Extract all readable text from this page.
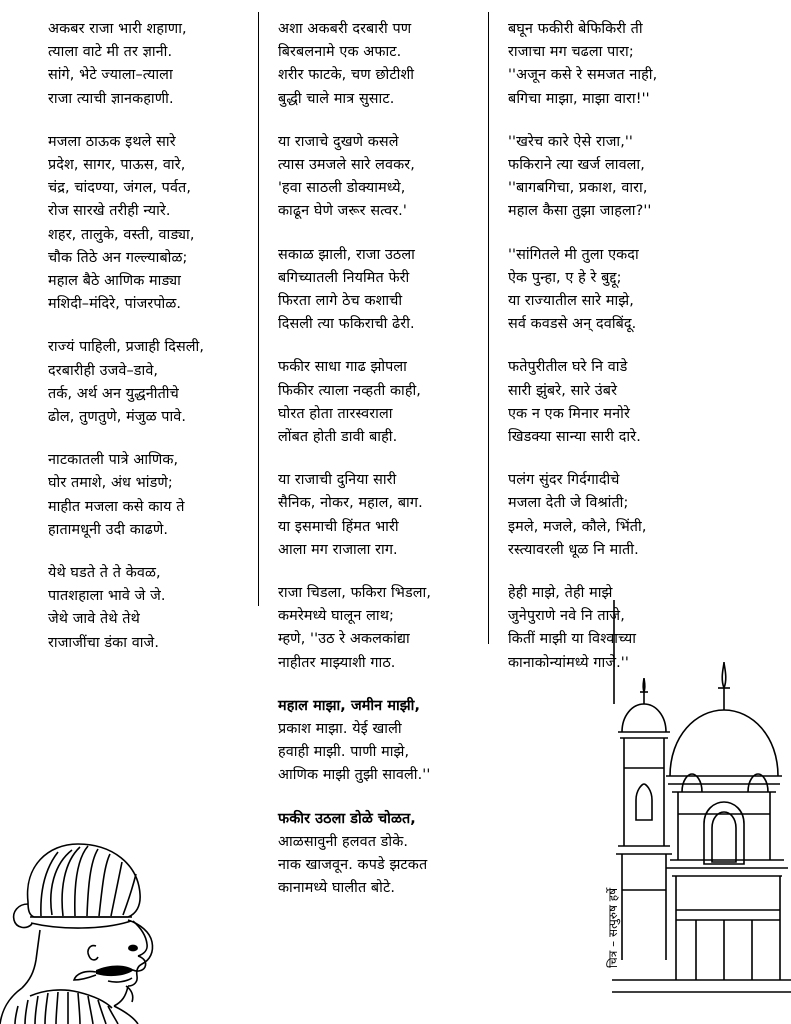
अकबर राजा भारी शहाणा,
त्याला वाटे मी तर ज्ञानी.
सांगे, भेटे ज्याला–त्याला
राजा त्याची ज्ञानकहाणी.
मजला ठाऊक इथले सारे
प्रदेश, सागर, पाऊस, वारे,
चंद्र, चांदण्या, जंगल, पर्वत,
रोज सारखे तरीही न्यारे.
शहर, तालुके, वस्ती, वाड्या,
चौक तिठे अन गल्ल्याबोळ;
महाल बैठे आणिक माड्या
मशिदी–मंदिरे, पांजरपोळ.
राज्यं पाहिली, प्रजाही दिसली,
दरबारीही उजवे–डावे,
तर्क, अर्थ अन युद्धनीतीचे
ढोल, तुणतुणे, मंजुळ पावे.
नाटकातली पात्रे आणिक,
घोर तमाशे, अंध भांडणे;
माहीत मजला कसे काय ते
हातामधूनी उदी काढणे.
येथे घडते ते ते केवळ,
पातशहाला भावे जे जे.
जेथे जावे तेथे तेथे
राजाजींचा डंका वाजे.
अशा अकबरी दरबारी पण
बिरबलनामे एक अफाट.
शरीर फाटके, चण छोटीशी
बुद्धी चाले मात्र सुसाट.
या राजाचे दुखणे कसले
त्यास उमजले सारे लवकर,
'हवा साठली डोक्यामध्ये,
काढून घेणे जरूर सत्वर.'
सकाळ झाली, राजा उठला
बगिच्यातली नियमित फेरी
फिरता लागे ठेच कशाची
दिसली त्या फकिराची ढेरी.
फकीर साधा गाढ झोपला
फिकीर त्याला नव्हती काही,
घोरत होता तारस्वराला
लोंबत होती डावी बाही.
या राजाची दुनिया सारी
सैनिक, नोकर, महाल, बाग.
या इसमाची हिंमत भारी
आला मग राजाला राग.
राजा चिडला, फकिरा भिडला,
कमरेमध्ये घालून लाथ;
म्हणे, ''उठ रे अकलकांद्या
नाहीतर माझ्याशी गाठ.
महाल माझा, जमीन माझी,
प्रकाश माझा. येई खाली
हवाही माझी. पाणी माझे,
आणिक माझी तुझी सावली.''
फकीर उठला डोळे चोळत,
आळसावुनी हलवत डोके.
नाक खाजवून. कपडे झटकत
कानामध्ये घालीत बोटे.
बघून फकीरी बेफिकिरी ती
राजाचा मग चढला पारा;
''अजून कसे रे समजत नाही,
बगिचा माझा, माझा वारा!''
''खरेच कारे ऐसे राजा,''
फकिराने त्या खर्ज लावला,
''बागबगिचा, प्रकाश, वारा,
महाल कैसा तुझा जाहला?''
''सांगितले मी तुला एकदा
ऐक पुन्हा, ए हे रे बुद्दू;
या राज्यातील सारे माझे,
सर्व कवडसे अन् दवबिंदू.
फतेपुरीतील घरे नि वाडे
सारी झुंबरे, सारे उंबरे
एक न एक मिनार मनोरे
खिडक्या सान्या सारी दारे.
पलंग सुंदर गिर्दगादीचे
मजला देती जे विश्रांती;
इमले, मजले, कौले, भिंती,
रस्त्यावरली धूळ नि माती.
हेही माझे, तेही माझे
जुनेपुराणे नवे नि ताजे,
कितीं माझी या विश्वाच्या
कानाकोन्यांमध्ये गाजे.''
चित्र – सत्पुरुष हर्षे
